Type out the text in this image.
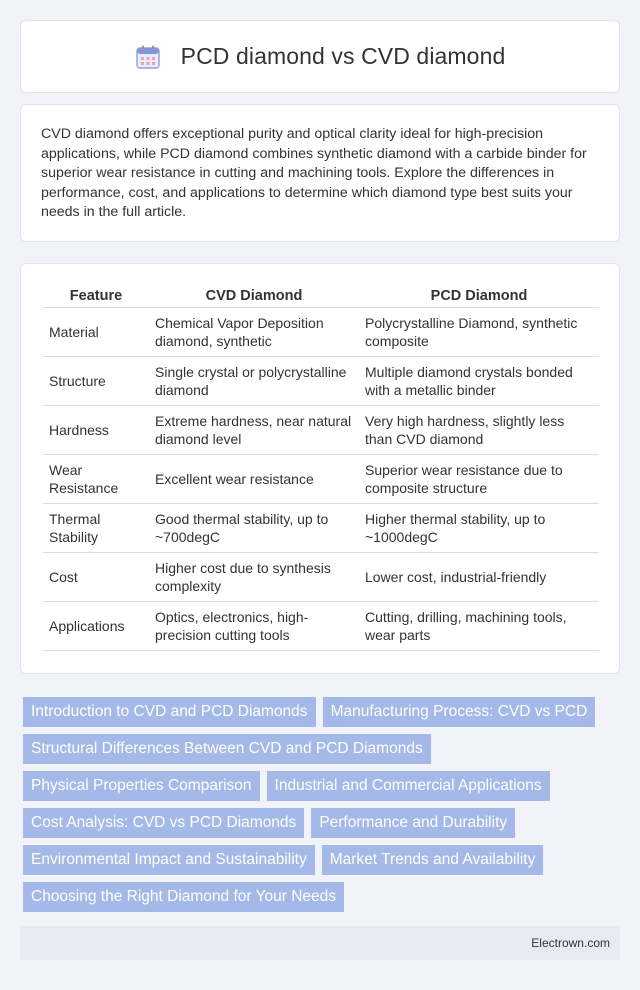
PCD diamond vs CVD diamond

CVD diamond offers exceptional purity and optical clarity ideal for high-precision applications, while PCD diamond combines synthetic diamond with a carbide binder for superior wear resistance in cutting and machining tools. Explore the differences in performance, cost, and applications to determine which diamond type best suits your needs in the full article.

Feature	CVD Diamond	PCD Diamond
Material	Chemical Vapor Deposition diamond, synthetic	Polycrystalline Diamond, synthetic composite
Structure	Single crystal or polycrystalline diamond	Multiple diamond crystals bonded with a metallic binder
Hardness	Extreme hardness, near natural diamond level	Very high hardness, slightly less than CVD diamond
Wear Resistance	Excellent wear resistance	Superior wear resistance due to composite structure
Thermal Stability	Good thermal stability, up to ~700degC	Higher thermal stability, up to ~1000degC
Cost	Higher cost due to synthesis complexity	Lower cost, industrial-friendly
Applications	Optics, electronics, high-precision cutting tools	Cutting, drilling, machining tools, wear parts
Introduction to CVD and PCD Diamonds	Manufacturing Process: CVD vs PCD
Structural Differences Between CVD and PCD Diamonds
Physical Properties Comparison	Industrial and Commercial Applications
Cost Analysis: CVD vs PCD Diamonds	Performance and Durability
Environmental Impact and Sustainability	Market Trends and Availability
Choosing the Right Diamond for Your Needs
Electrown.com
